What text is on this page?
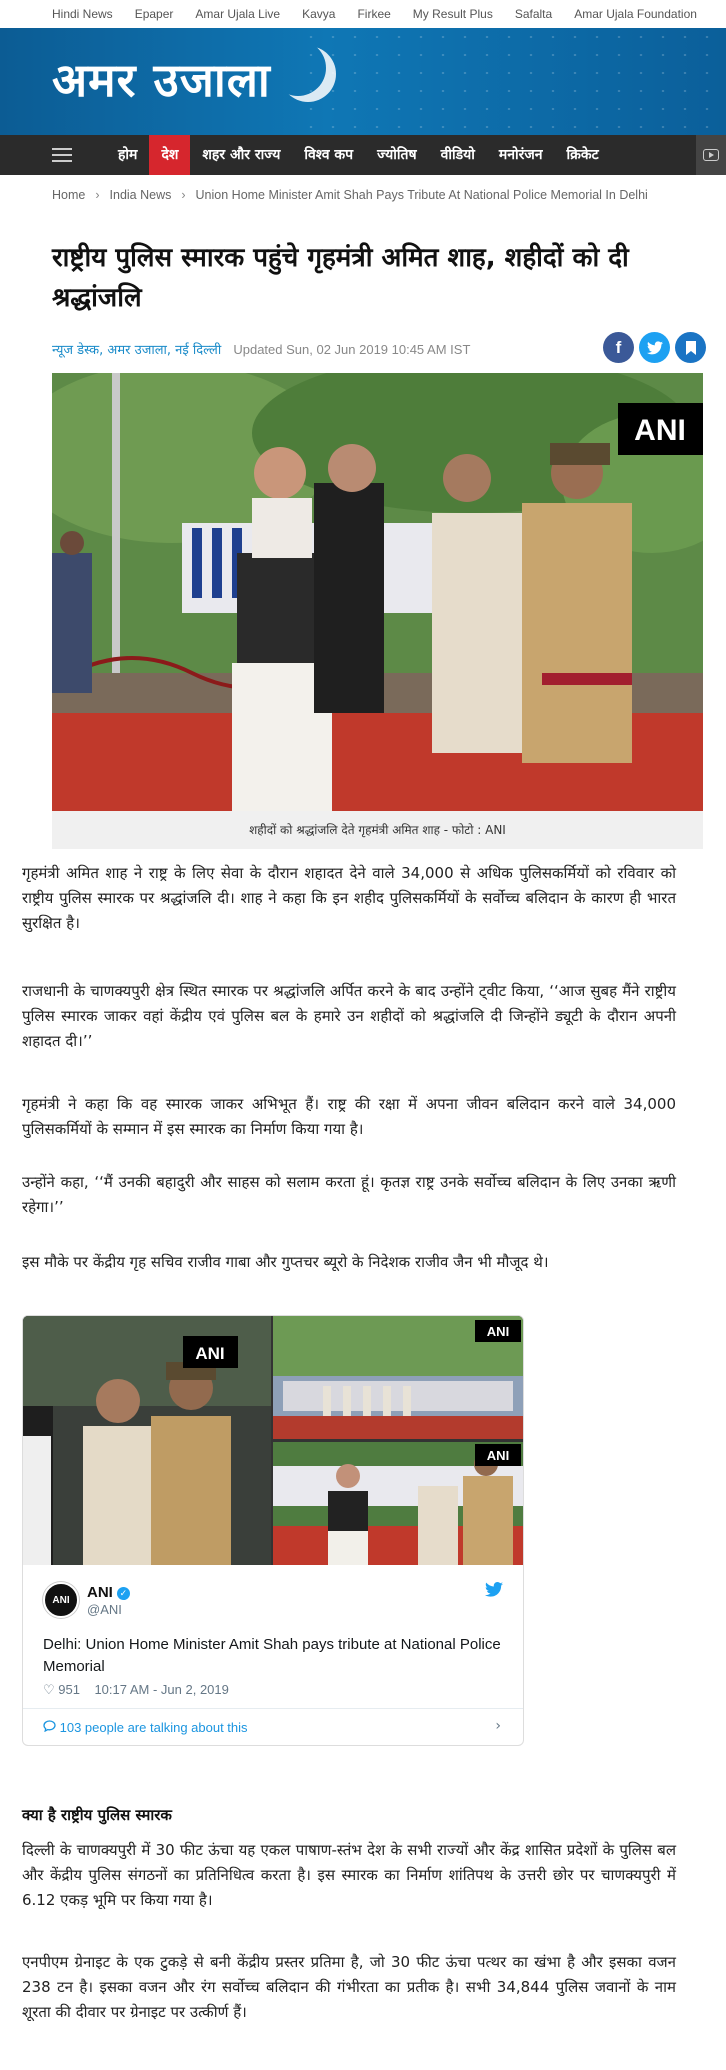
Hindi News Epaper Amar Ujala Live Kavya Firkee My Result Plus Safalta Amar Ujala Foundation
अमर उजाला
होम	देश	शहर और राज्य	विश्व कप	ज्योतिष	वीडियो	मनोरंजन	क्रिकेट
Home › India News › Union Home Minister Amit Shah Pays Tribute At National Police Memorial In Delhi
राष्ट्रीय पुलिस स्मारक पहुंचे गृहमंत्री अमित शाह, शहीदों को दी श्रद्धांजलि
न्यूज डेस्क, अमर उजाला, नई दिल्ली Updated Sun, 02 Jun 2019 10:45 AM IST	f
ANI
शहीदों को श्रद्धांजलि देते गृहमंत्री अमित शाह - फोटो : ANI

गृहमंत्री अमित शाह ने राष्ट्र के लिए सेवा के दौरान शहादत देने वाले 34,000 से अधिक पुलिसकर्मियों को रविवार को राष्ट्रीय पुलिस स्मारक पर श्रद्धांजलि दी। शाह ने कहा कि इन शहीद पुलिसकर्मियों के सर्वोच्च बलिदान के कारण ही भारत सुरक्षित है।

राजधानी के चाणक्यपुरी क्षेत्र स्थित स्मारक पर श्रद्धांजलि अर्पित करने के बाद उन्होंने ट्वीट किया, ‘‘आज सुबह मैंने राष्ट्रीय पुलिस स्मारक जाकर वहां केंद्रीय एवं पुलिस बल के हमारे उन शहीदों को श्रद्धांजलि दी जिन्होंने ड्यूटी के दौरान अपनी शहादत दी।’’

गृहमंत्री ने कहा कि वह स्मारक जाकर अभिभूत हैं। राष्ट्र की रक्षा में अपना जीवन बलिदान करने वाले 34,000 पुलिसकर्मियों के सम्मान में इस स्मारक का निर्माण किया गया है।

उन्होंने कहा, ‘‘मैं उनकी बहादुरी और साहस को सलाम करता हूं। कृतज्ञ राष्ट्र उनके सर्वोच्च बलिदान के लिए उनका ऋणी रहेगा।’’

इस मौके पर केंद्रीय गृह सचिव राजीव गाबा और गुप्तचर ब्यूरो के निदेशक राजीव जैन भी मौजूद थे।

ANI
ANI
ANI
ANI	ANI ✓
@ANI
Delhi: Union Home Minister Amit Shah pays tribute at National Police Memorial
♡ 951 10:17 AM - Jun 2, 2019
103 people are talking about this	›
क्या है राष्ट्रीय पुलिस स्मारक

दिल्ली के चाणक्यपुरी में 30 फीट ऊंचा यह एकल पाषाण-स्तंभ देश के सभी राज्यों और केंद्र शासित प्रदेशों के पुलिस बल और केंद्रीय पुलिस संगठनों का प्रतिनिधित्व करता है। इस स्मारक का निर्माण शांतिपथ के उत्तरी छोर पर चाणक्यपुरी में 6.12 एकड़ भूमि पर किया गया है।

एनपीएम ग्रेनाइट के एक टुकड़े से बनी केंद्रीय प्रस्तर प्रतिमा है, जो 30 फीट ऊंचा पत्थर का खंभा है और इसका वजन 238 टन है। इसका वजन और रंग सर्वोच्च बलिदान की गंभीरता का प्रतीक है। सभी 34,844 पुलिस जवानों के नाम शूरता की दीवार पर ग्रेनाइट पर उत्कीर्ण हैं।
